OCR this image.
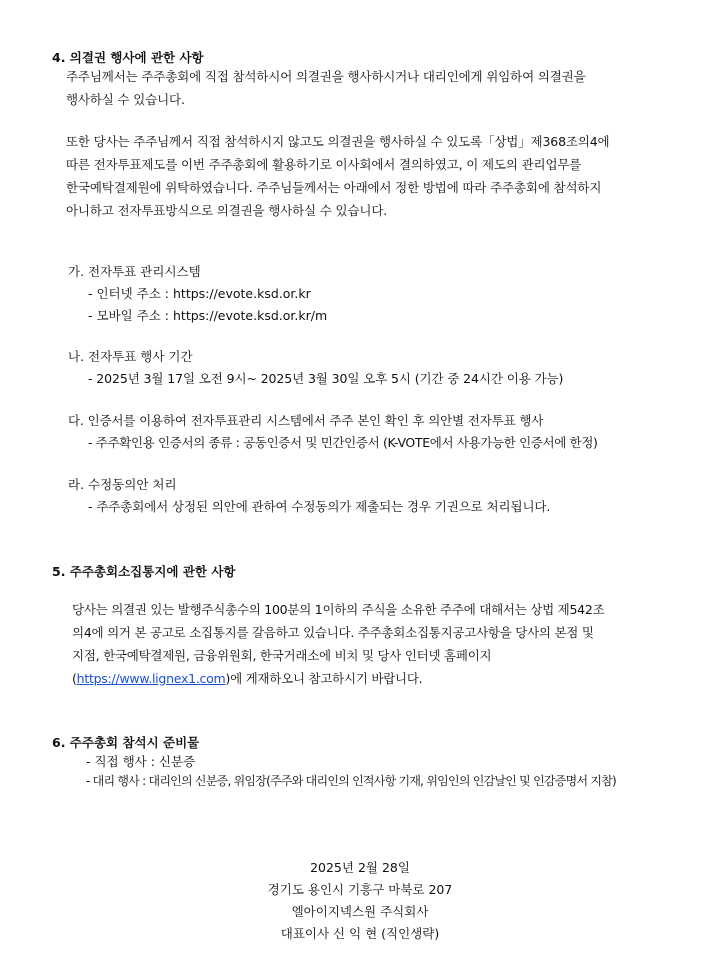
4. 의결권 행사에 관한 사항
주주님께서는 주주총회에 직접 참석하시어 의결권을 행사하시거나 대리인에게 위임하여 의결권을
행사하실 수 있습니다.
또한 당사는 주주님께서 직접 참석하시지 않고도 의결권을 행사하실 수 있도록「상법」제368조의4에
따른 전자투표제도를 이번 주주총회에 활용하기로 이사회에서 결의하였고, 이 제도의 관리업무를
한국예탁결제원에 위탁하였습니다. 주주님들께서는 아래에서 정한 방법에 따라 주주총회에 참석하지
아니하고 전자투표방식으로 의결권을 행사하실 수 있습니다.
가. 전자투표 관리시스템
- 인터넷 주소 : https://evote.ksd.or.kr
- 모바일 주소 : https://evote.ksd.or.kr/m
나. 전자투표 행사 기간
- 2025년 3월 17일 오전 9시~ 2025년 3월 30일 오후 5시 (기간 중 24시간 이용 가능)
다. 인증서를 이용하여 전자투표관리 시스템에서 주주 본인 확인 후 의안별 전자투표 행사
- 주주확인용 인증서의 종류 : 공동인증서 및 민간인증서 (K-VOTE에서 사용가능한 인증서에 한정)
라. 수정동의안 처리
- 주주총회에서 상정된 의안에 관하여 수정동의가 제출되는 경우 기권으로 처리됩니다.
5. 주주총회소집통지에 관한 사항
당사는 의결권 있는 발행주식총수의 100분의 1이하의 주식을 소유한 주주에 대해서는 상법 제542조
의4에 의거 본 공고로 소집통지를 갈음하고 있습니다. 주주총회소집통지공고사항을 당사의 본점 및
지점, 한국예탁결제원, 금융위원회, 한국거래소에 비치 및 당사 인터넷 홈페이지
(https://www.lignex1.com)에 게재하오니 참고하시기 바랍니다.
6. 주주총회 참석시 준비물
- 직접 행사 : 신분증
- 대리 행사 : 대리인의 신분증, 위임장(주주와 대리인의 인적사항 기재, 위임인의 인감날인 및 인감증명서 지참)
2025년 2월 28일
경기도 용인시 기흥구 마북로 207
엘아이지넥스원 주식회사
대표이사 신 익 현 (직인생략)
